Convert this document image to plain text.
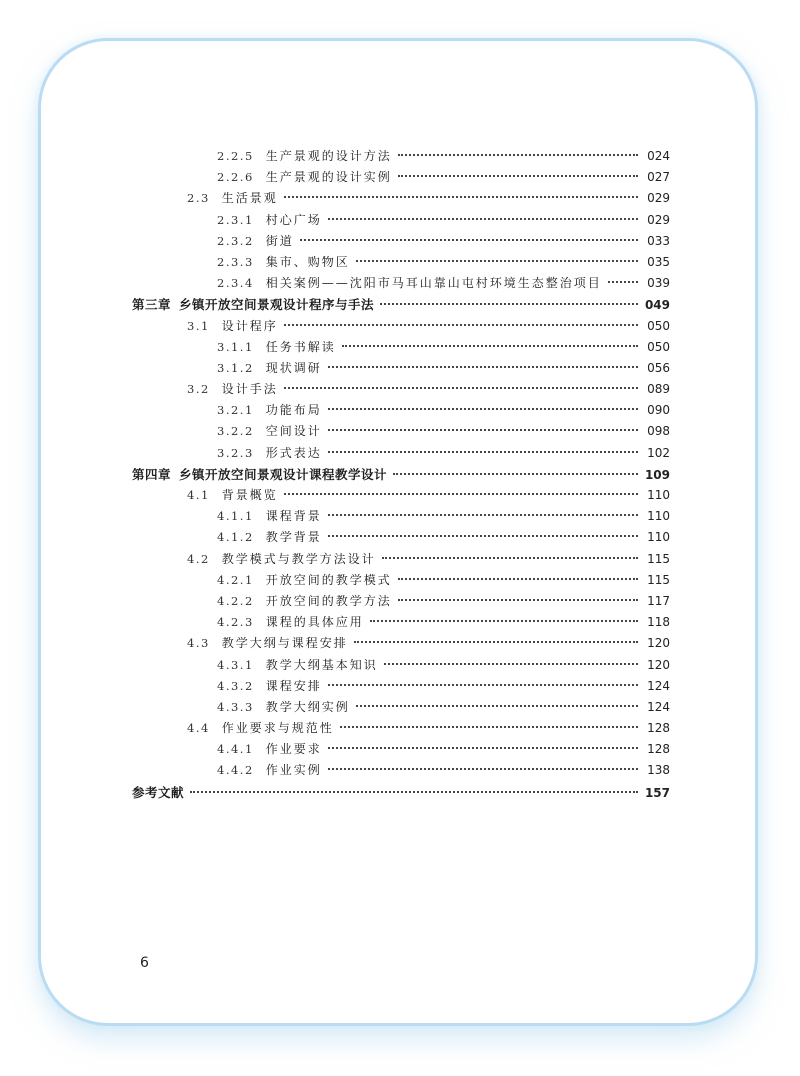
2.2.5 生产景观的设计方法	024
2.2.6 生产景观的设计实例	027
2.3 生活景观	029
2.3.1 村心广场	029
2.3.2 街道	033
2.3.3 集市、购物区	035
2.3.4 相关案例——沈阳市马耳山靠山屯村环境生态整治项目	039
第三章 乡镇开放空间景观设计程序与手法	049
3.1 设计程序	050
3.1.1 任务书解读	050
3.1.2 现状调研	056
3.2 设计手法	089
3.2.1 功能布局	090
3.2.2 空间设计	098
3.2.3 形式表达	102
第四章 乡镇开放空间景观设计课程教学设计	109
4.1 背景概览	110
4.1.1 课程背景	110
4.1.2 教学背景	110
4.2 教学模式与教学方法设计	115
4.2.1 开放空间的教学模式	115
4.2.2 开放空间的教学方法	117
4.2.3 课程的具体应用	118
4.3 教学大纲与课程安排	120
4.3.1 教学大纲基本知识	120
4.3.2 课程安排	124
4.3.3 教学大纲实例	124
4.4 作业要求与规范性	128
4.4.1 作业要求	128
4.4.2 作业实例	138
参考文献	157
6
